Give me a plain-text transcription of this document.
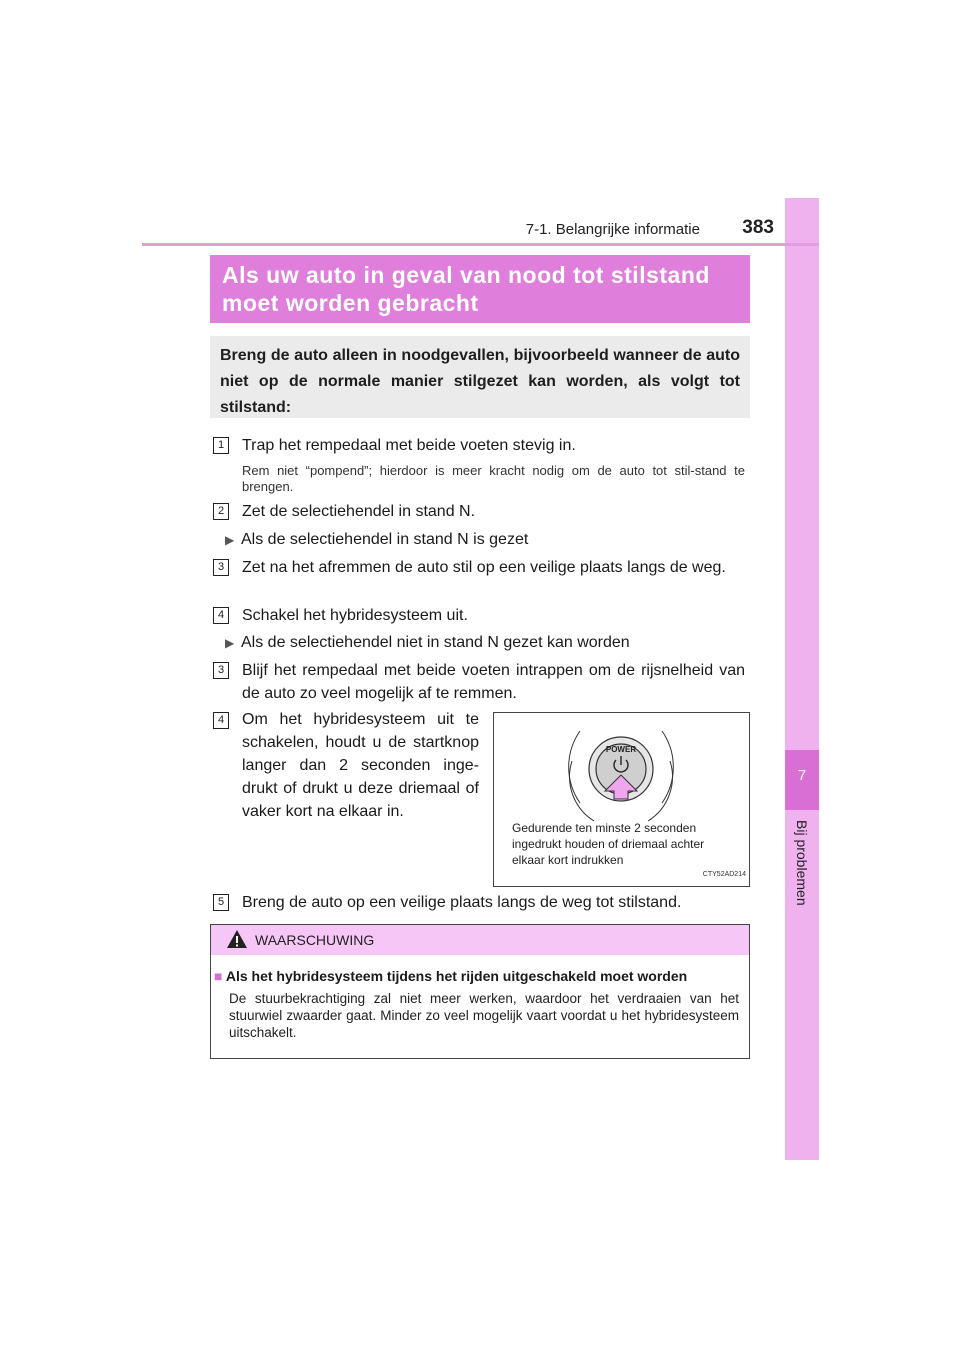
7
Bij problemen
7-1. Belangrijke informatie	383
Als uw auto in geval van nood tot stilstand
moet worden gebracht
Breng de auto alleen in noodgevallen, bijvoorbeeld wanneer de auto niet op de normale manier stilgezet kan worden, als volgt tot stilstand:
1	Trap het rempedaal met beide voeten stevig in.
Rem niet “pompend”; hierdoor is meer kracht nodig om de auto tot stil-stand te brengen.
2	Zet de selectiehendel in stand N.
▶ Als de selectiehendel in stand N is gezet
3	Zet na het afremmen de auto stil op een veilige plaats langs de weg.
4	Schakel het hybridesysteem uit.
▶ Als de selectiehendel niet in stand N gezet kan worden
3	Blijf het rempedaal met beide voeten intrappen om de rijsnelheid van de auto zo veel mogelijk af te remmen.
4	Om het hybridesysteem uit te schakelen, houdt u de startknop langer dan 2 seconden inge-drukt of drukt u deze driemaal of vaker kort na elkaar in.
POWER
Gedurende ten minste 2 seconden ingedrukt houden of driemaal achter elkaar kort indrukken
CTY52AD214
5	Breng de auto op een veilige plaats langs de weg tot stilstand.
WAARSCHUWING
■ Als het hybridesysteem tijdens het rijden uitgeschakeld moet worden
De stuurbekrachtiging zal niet meer werken, waardoor het verdraaien van het stuurwiel zwaarder gaat. Minder zo veel mogelijk vaart voordat u het hybridesysteem uitschakelt.
